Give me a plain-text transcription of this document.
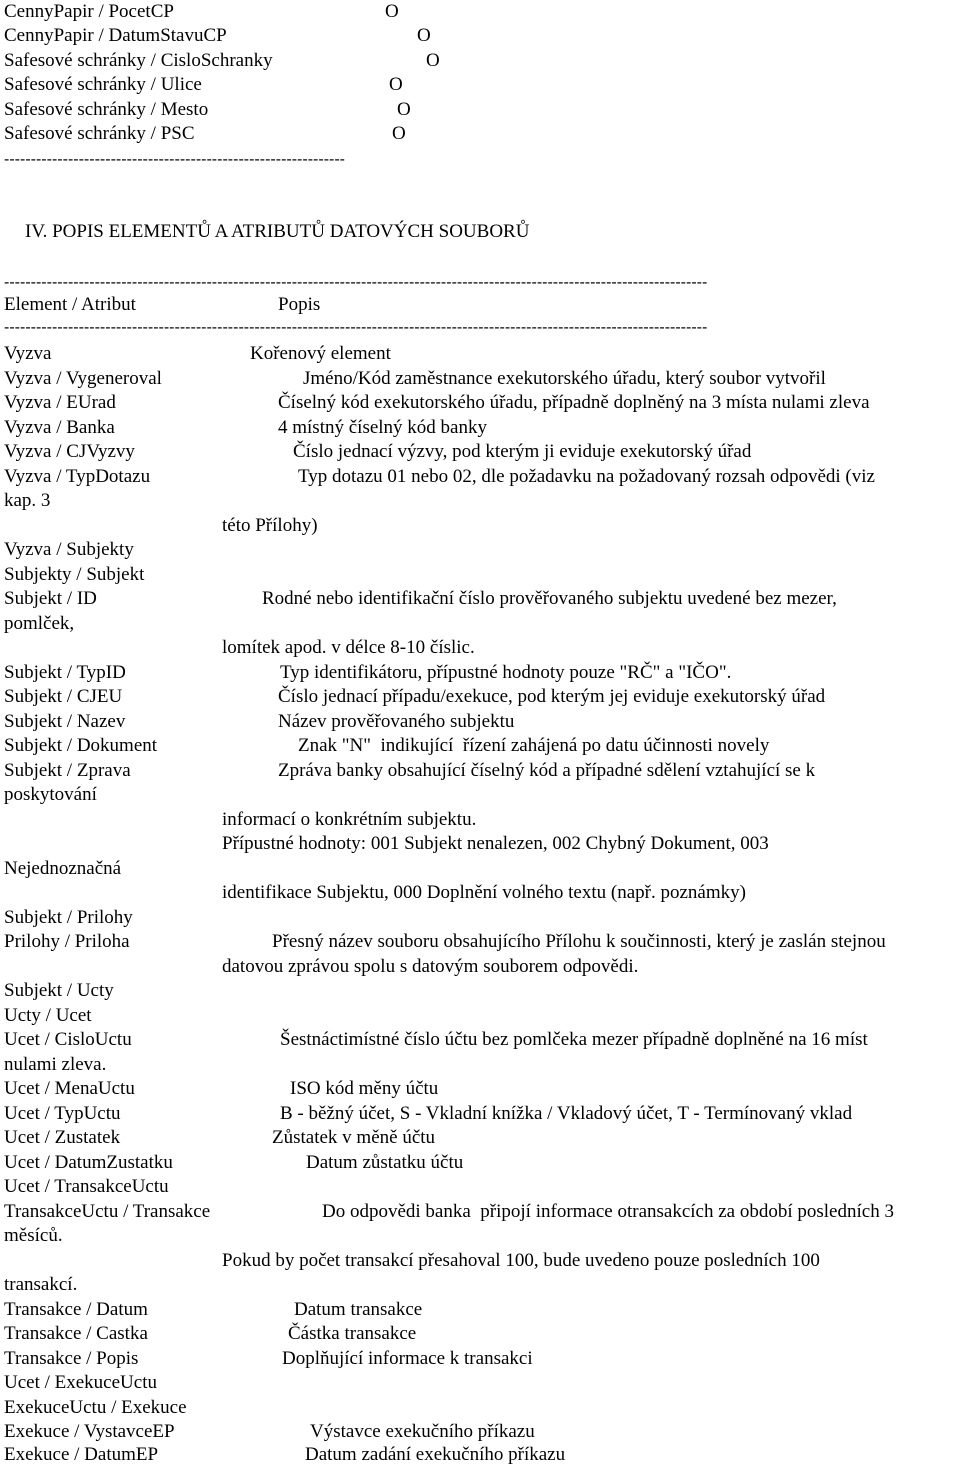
CennyPapir / PocetCP	O
CennyPapir / DatumStavuCP	O
Safesové schránky / CisloSchranky	O
Safesové schránky / Ulice	O
Safesové schránky / Mesto	O
Safesové schránky / PSC	O
----------------------------------------------------------------
IV. POPIS ELEMENTŮ A ATRIBUTŮ DATOVÝCH SOUBORŮ
------------------------------------------------------------------------------------------------------------------------------------
Element / Atribut	Popis
------------------------------------------------------------------------------------------------------------------------------------
Vyzva	Kořenový element
Vyzva / Vygeneroval	Jméno/Kód zaměstnance exekutorského úřadu, který soubor vytvořil
Vyzva / EUrad	Číselný kód exekutorského úřadu, případně doplněný na 3 místa nulami zleva
Vyzva / Banka	4 místný číselný kód banky
Vyzva / CJVyzvy	Číslo jednací výzvy, pod kterým ji eviduje exekutorský úřad
Vyzva / TypDotazu	Typ dotazu 01 nebo 02, dle požadavku na požadovaný rozsah odpovědi (viz
kap. 3
této Přílohy)
Vyzva / Subjekty
Subjekty / Subjekt
Subjekt / ID	Rodné nebo identifikační číslo prověřovaného subjektu uvedené bez mezer,
pomlček,
lomítek apod. v délce 8-10 číslic.
Subjekt / TypID	Typ identifikátoru, přípustné hodnoty pouze "RČ" a "IČO".
Subjekt / CJEU	Číslo jednací případu/exekuce, pod kterým jej eviduje exekutorský úřad
Subjekt / Nazev	Název prověřovaného subjektu
Subjekt / Dokument	Znak "N"  indikující  řízení zahájená po datu účinnosti novely
Subjekt / Zprava	Zpráva banky obsahující číselný kód a případné sdělení vztahující se k
poskytování
informací o konkrétním subjektu.
Přípustné hodnoty: 001 Subjekt nenalezen, 002 Chybný Dokument, 003
Nejednoznačná
identifikace Subjektu, 000 Doplnění volného textu (např. poznámky)
Subjekt / Prilohy
Prilohy / Priloha	Přesný název souboru obsahujícího Přílohu k součinnosti, který je zaslán stejnou
datovou zprávou spolu s datovým souborem odpovědi.
Subjekt / Ucty
Ucty / Ucet
Ucet / CisloUctu	Šestnáctimístné číslo účtu bez pomlčeka mezer případně doplněné na 16 míst
nulami zleva.
Ucet / MenaUctu	ISO kód měny účtu
Ucet / TypUctu	B - běžný účet, S - Vkladní knížka / Vkladový účet, T - Termínovaný vklad
Ucet / Zustatek	Zůstatek v měně účtu
Ucet / DatumZustatku	Datum zůstatku účtu
Ucet / TransakceUctu
TransakceUctu / Transakce	Do odpovědi banka  připojí informace otransakcích za období posledních 3
měsíců.
Pokud by počet transakcí přesahoval 100, bude uvedeno pouze posledních 100
transakcí.
Transakce / Datum	Datum transakce
Transakce / Castka	Částka transakce
Transakce / Popis	Doplňující informace k transakci
Ucet / ExekuceUctu
ExekuceUctu / Exekuce
Exekuce / VystavceEP	Výstavce exekučního příkazu
Exekuce / DatumEP	Datum zadání exekučního příkazu
